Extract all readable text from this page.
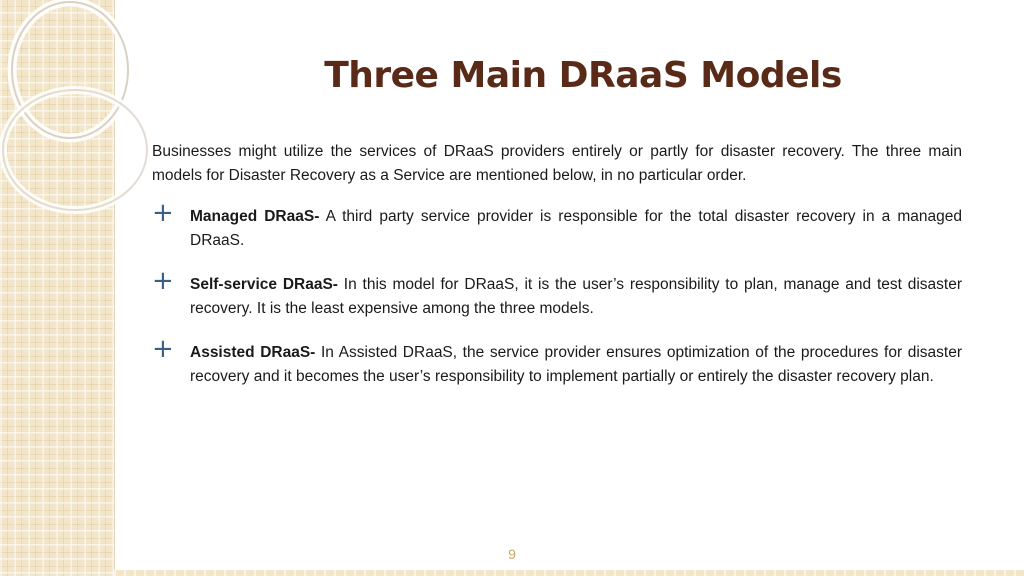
Three Main DRaaS Models

Businesses might utilize the services of DRaaS providers entirely or partly for disaster recovery. The three main models for Disaster Recovery as a Service are mentioned below, in no particular order.

+ Managed DRaaS- A third party service provider is responsible for the total disaster recovery in a managed DRaaS.
+ Self-service DRaaS- In this model for DRaaS, it is the user’s responsibility to plan, manage and test disaster recovery. It is the least expensive among the three models.
+ Assisted DRaaS- In Assisted DRaaS, the service provider ensures optimization of the procedures for disaster recovery and it becomes the user’s responsibility to implement partially or entirely the disaster recovery plan.
9
